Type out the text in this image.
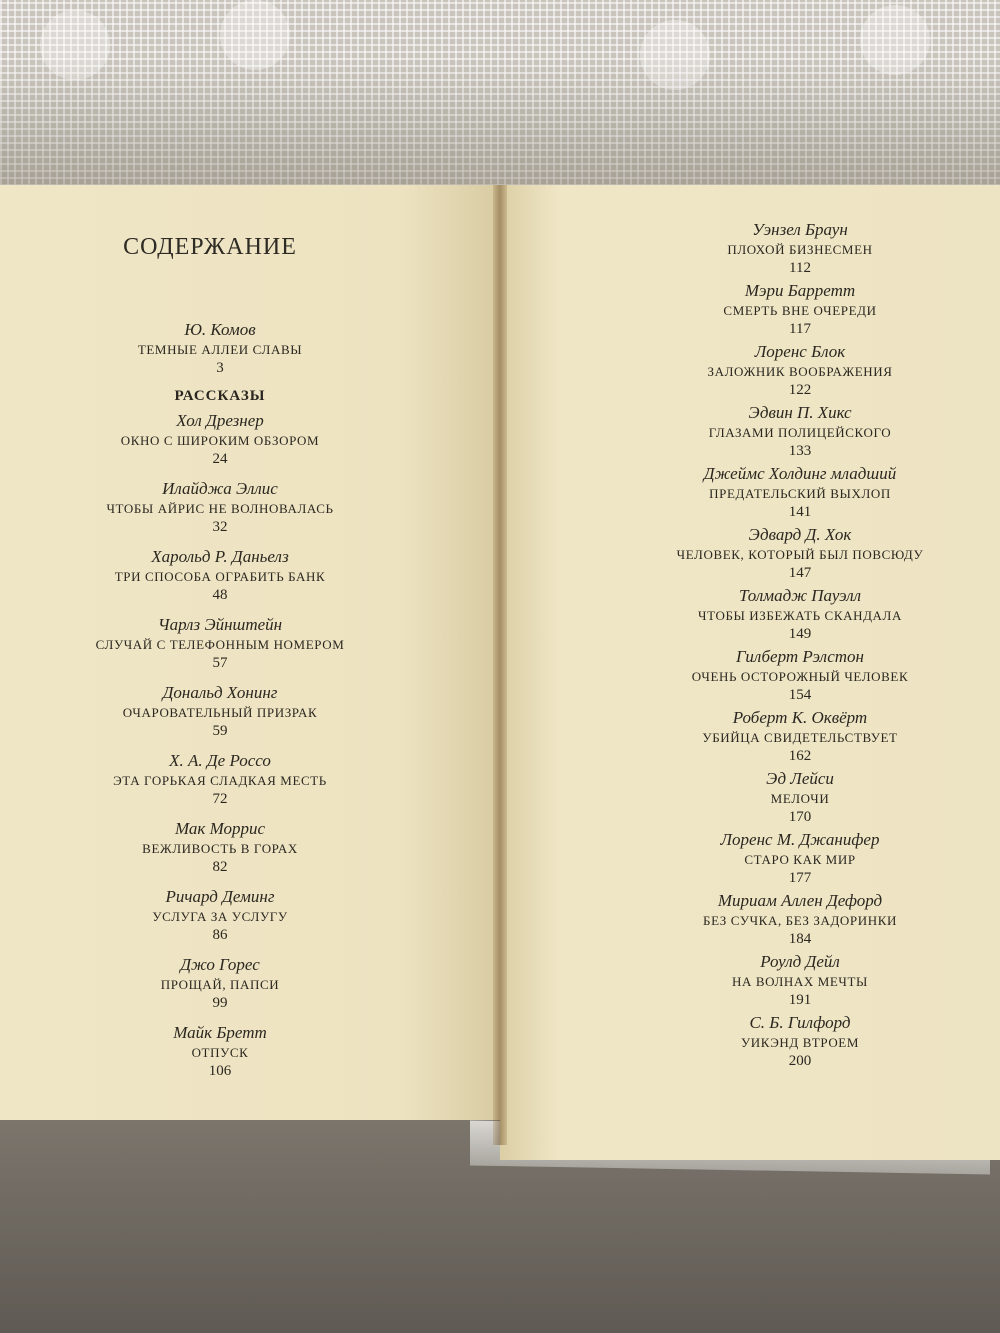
СОДЕРЖАНИЕ
Ю. Комов
ТЕМНЫЕ АЛЛЕИ СЛАВЫ
3
РАССКАЗЫ
Хол Дрезнер
ОКНО С ШИРОКИМ ОБЗОРОМ
24
Илайджа Эллис
ЧТОБЫ АЙРИС НЕ ВОЛНОВАЛАСЬ
32
Харольд Р. Даньелз
ТРИ СПОСОБА ОГРАБИТЬ БАНК
48
Чарлз Эйнштейн
СЛУЧАЙ С ТЕЛЕФОННЫМ НОМЕРОМ
57
Дональд Хонинг
ОЧАРОВАТЕЛЬНЫЙ ПРИЗРАК
59
Х. А. Де Россо
ЭТА ГОРЬКАЯ СЛАДКАЯ МЕСТЬ
72
Мак Моррис
ВЕЖЛИВОСТЬ В ГОРАХ
82
Ричард Деминг
УСЛУГА ЗА УСЛУГУ
86
Джо Горес
ПРОЩАЙ, ПАПСИ
99
Майк Бретт
ОТПУСК
106
Уэнзел Браун
ПЛОХОЙ БИЗНЕСМЕН
112
Мэри Барретт
СМЕРТЬ ВНЕ ОЧЕРЕДИ
117
Лоренс Блок
ЗАЛОЖНИК ВООБРАЖЕНИЯ
122
Эдвин П. Хикс
ГЛАЗАМИ ПОЛИЦЕЙСКОГО
133
Джеймс Холдинг младший
ПРЕДАТЕЛЬСКИЙ ВЫХЛОП
141
Эдвард Д. Хок
ЧЕЛОВЕК, КОТОРЫЙ БЫЛ ПОВСЮДУ
147
Толмадж Пауэлл
ЧТОБЫ ИЗБЕЖАТЬ СКАНДАЛА
149
Гилберт Рэлстон
ОЧЕНЬ ОСТОРОЖНЫЙ ЧЕЛОВЕК
154
Роберт К. Оквёрт
УБИЙЦА СВИДЕТЕЛЬСТВУЕТ
162
Эд Лейси
МЕЛОЧИ
170
Лоренс М. Джанифер
СТАРО КАК МИР
177
Мириам Аллен Дефорд
БЕЗ СУЧКА, БЕЗ ЗАДОРИНКИ
184
Роулд Дейл
НА ВОЛНАХ МЕЧТЫ
191
С. Б. Гилфорд
УИКЭНД ВТРОЕМ
200
